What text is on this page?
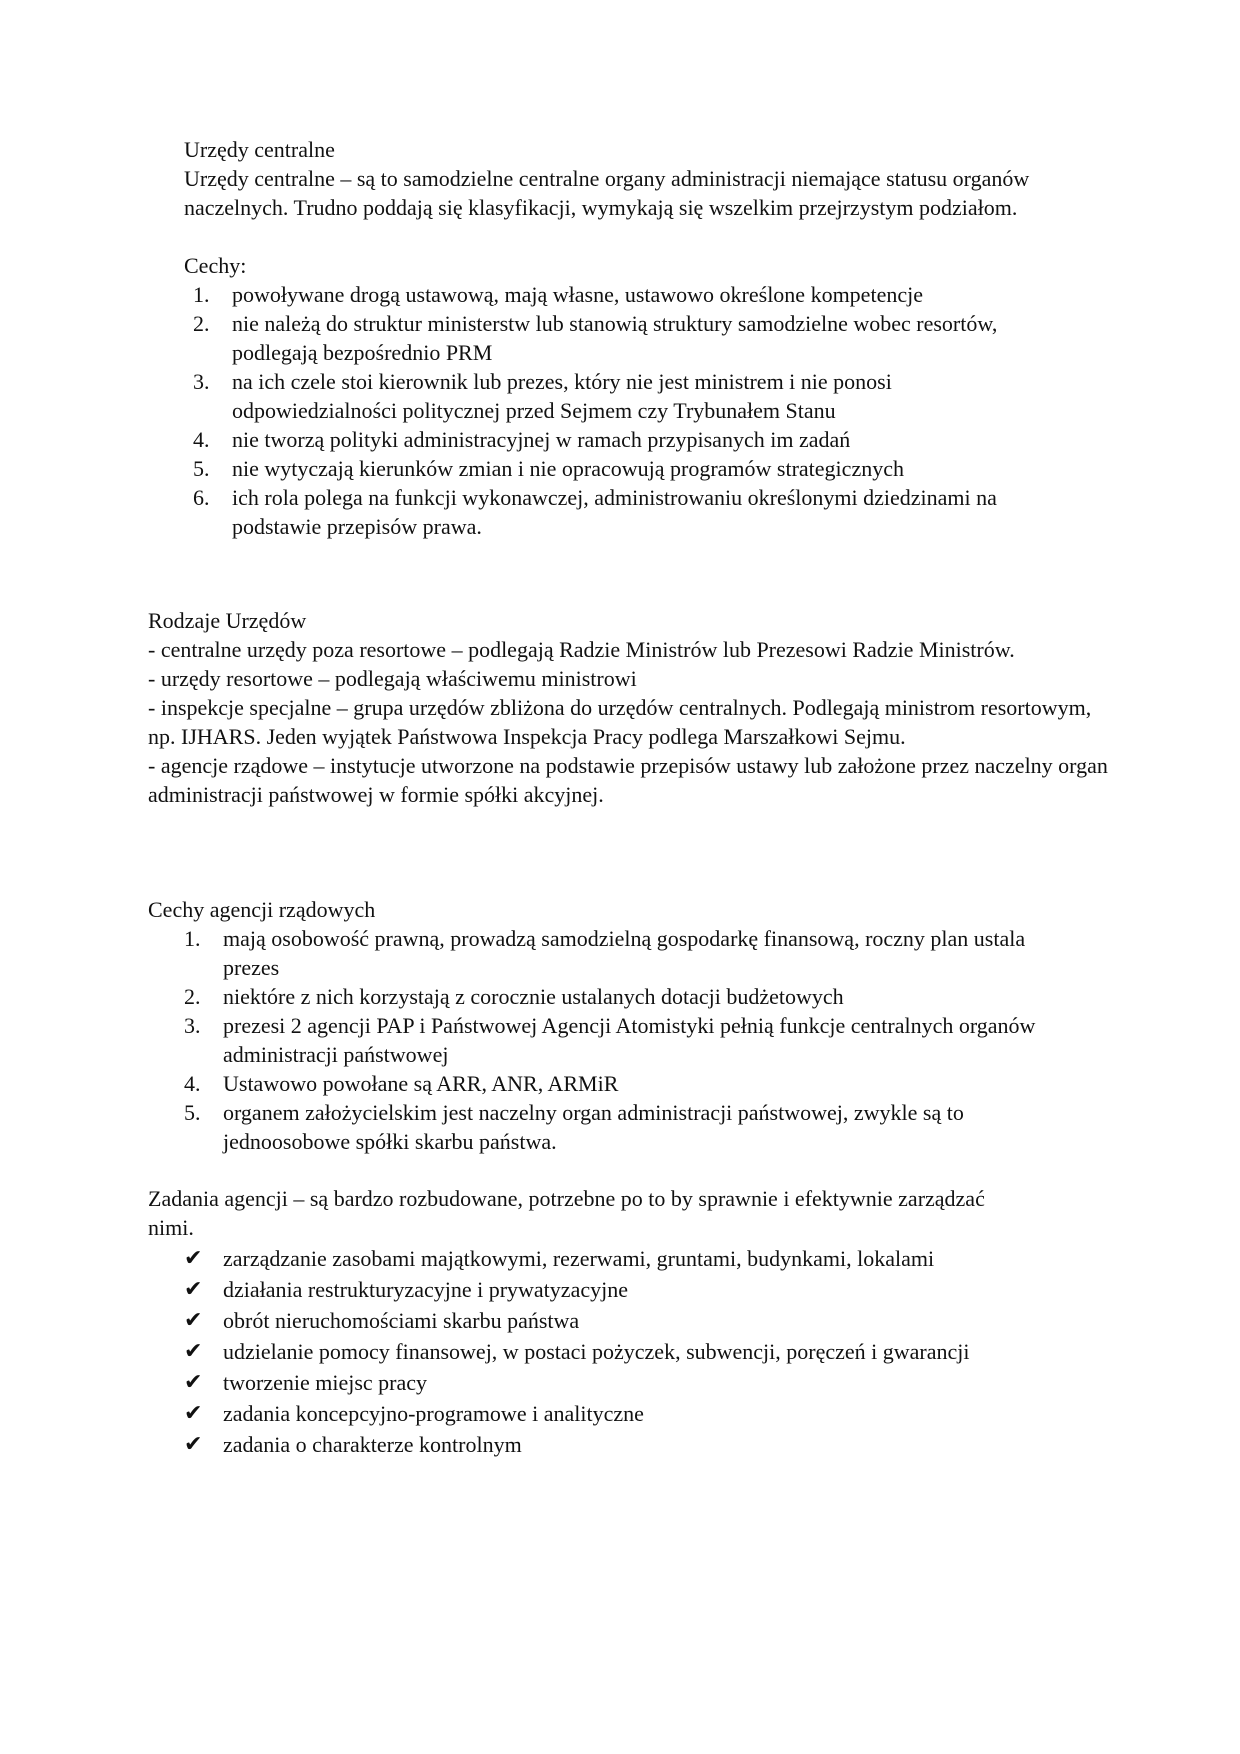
Urzędy centralne

Urzędy centralne – są to samodzielne centralne organy administracji niemające statusu organów naczelnych. Trudno poddają się klasyfikacji, wymykają się wszelkim przejrzystym podziałom.

Cechy:

1. powoływane drogą ustawową, mają własne, ustawowo określone kompetencje
2. nie należą do struktur ministerstw lub stanowią struktury samodzielne wobec resortów, podlegają bezpośrednio PRM
3. na ich czele stoi kierownik lub prezes, który nie jest ministrem i nie ponosi odpowiedzialności politycznej przed Sejmem czy Trybunałem Stanu
4. nie tworzą polityki administracyjnej w ramach przypisanych im zadań
5. nie wytyczają kierunków zmian i nie opracowują programów strategicznych
6. ich rola polega na funkcji wykonawczej, administrowaniu określonymi dziedzinami na podstawie przepisów prawa.

Rodzaje Urzędów

- centralne urzędy poza resortowe – podlegają Radzie Ministrów lub Prezesowi Radzie Ministrów.

- urzędy resortowe – podlegają właściwemu ministrowi

- inspekcje specjalne – grupa urzędów zbliżona do urzędów centralnych. Podlegają ministrom resortowym, np. IJHARS. Jeden wyjątek Państwowa Inspekcja Pracy podlega Marszałkowi Sejmu.

- agencje rządowe – instytucje utworzone na podstawie przepisów ustawy lub założone przez naczelny organ administracji państwowej w formie spółki akcyjnej.

Cechy agencji rządowych

1. mają osobowość prawną, prowadzą samodzielną gospodarkę finansową, roczny plan ustala prezes
2. niektóre z nich korzystają z corocznie ustalanych dotacji budżetowych
3. prezesi 2 agencji PAP i Państwowej Agencji Atomistyki pełnią funkcje centralnych organów administracji państwowej
4. Ustawowo powołane są ARR, ANR, ARMiR
5. organem założycielskim jest naczelny organ administracji państwowej, zwykle są to jednoosobowe spółki skarbu państwa.

Zadania agencji – są bardzo rozbudowane, potrzebne po to by sprawnie i efektywnie zarządzać nimi.

✔ zarządzanie zasobami majątkowymi, rezerwami, gruntami, budynkami, lokalami
✔ działania restrukturyzacyjne i prywatyzacyjne
✔ obrót nieruchomościami skarbu państwa
✔ udzielanie pomocy finansowej, w postaci pożyczek, subwencji, poręczeń i gwarancji
✔ tworzenie miejsc pracy
✔ zadania koncepcyjno-programowe i analityczne
✔ zadania o charakterze kontrolnym
